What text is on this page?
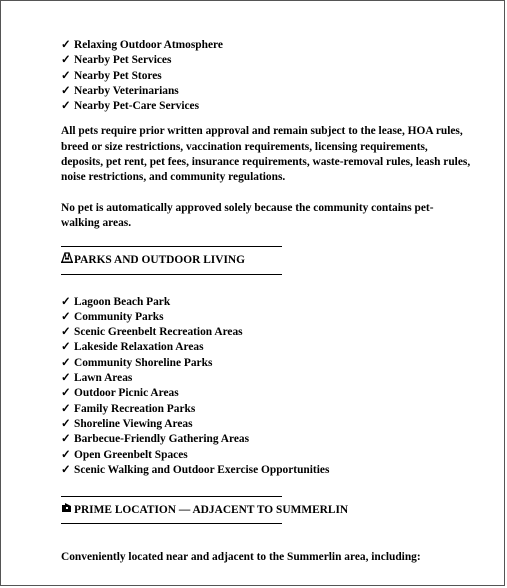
✓ Relaxing Outdoor Atmosphere
✓ Nearby Pet Services
✓ Nearby Pet Stores
✓ Nearby Veterinarians
✓ Nearby Pet-Care Services

All pets require prior written approval and remain subject to the lease, HOA rules, breed or size restrictions, vaccination requirements, licensing requirements, deposits, pet rent, pet fees, insurance requirements, waste-removal rules, leash rules, noise restrictions, and community regulations.

No pet is automatically approved solely because the community contains pet-walking areas.

PARKS AND OUTDOOR LIVING
✓ Lagoon Beach Park
✓ Community Parks
✓ Scenic Greenbelt Recreation Areas
✓ Lakeside Relaxation Areas
✓ Community Shoreline Parks
✓ Lawn Areas
✓ Outdoor Picnic Areas
✓ Family Recreation Parks
✓ Shoreline Viewing Areas
✓ Barbecue-Friendly Gathering Areas
✓ Open Greenbelt Spaces
✓ Scenic Walking and Outdoor Exercise Opportunities
PRIME LOCATION — ADJACENT TO SUMMERLIN

Conveniently located near and adjacent to the Summerlin area, including:
